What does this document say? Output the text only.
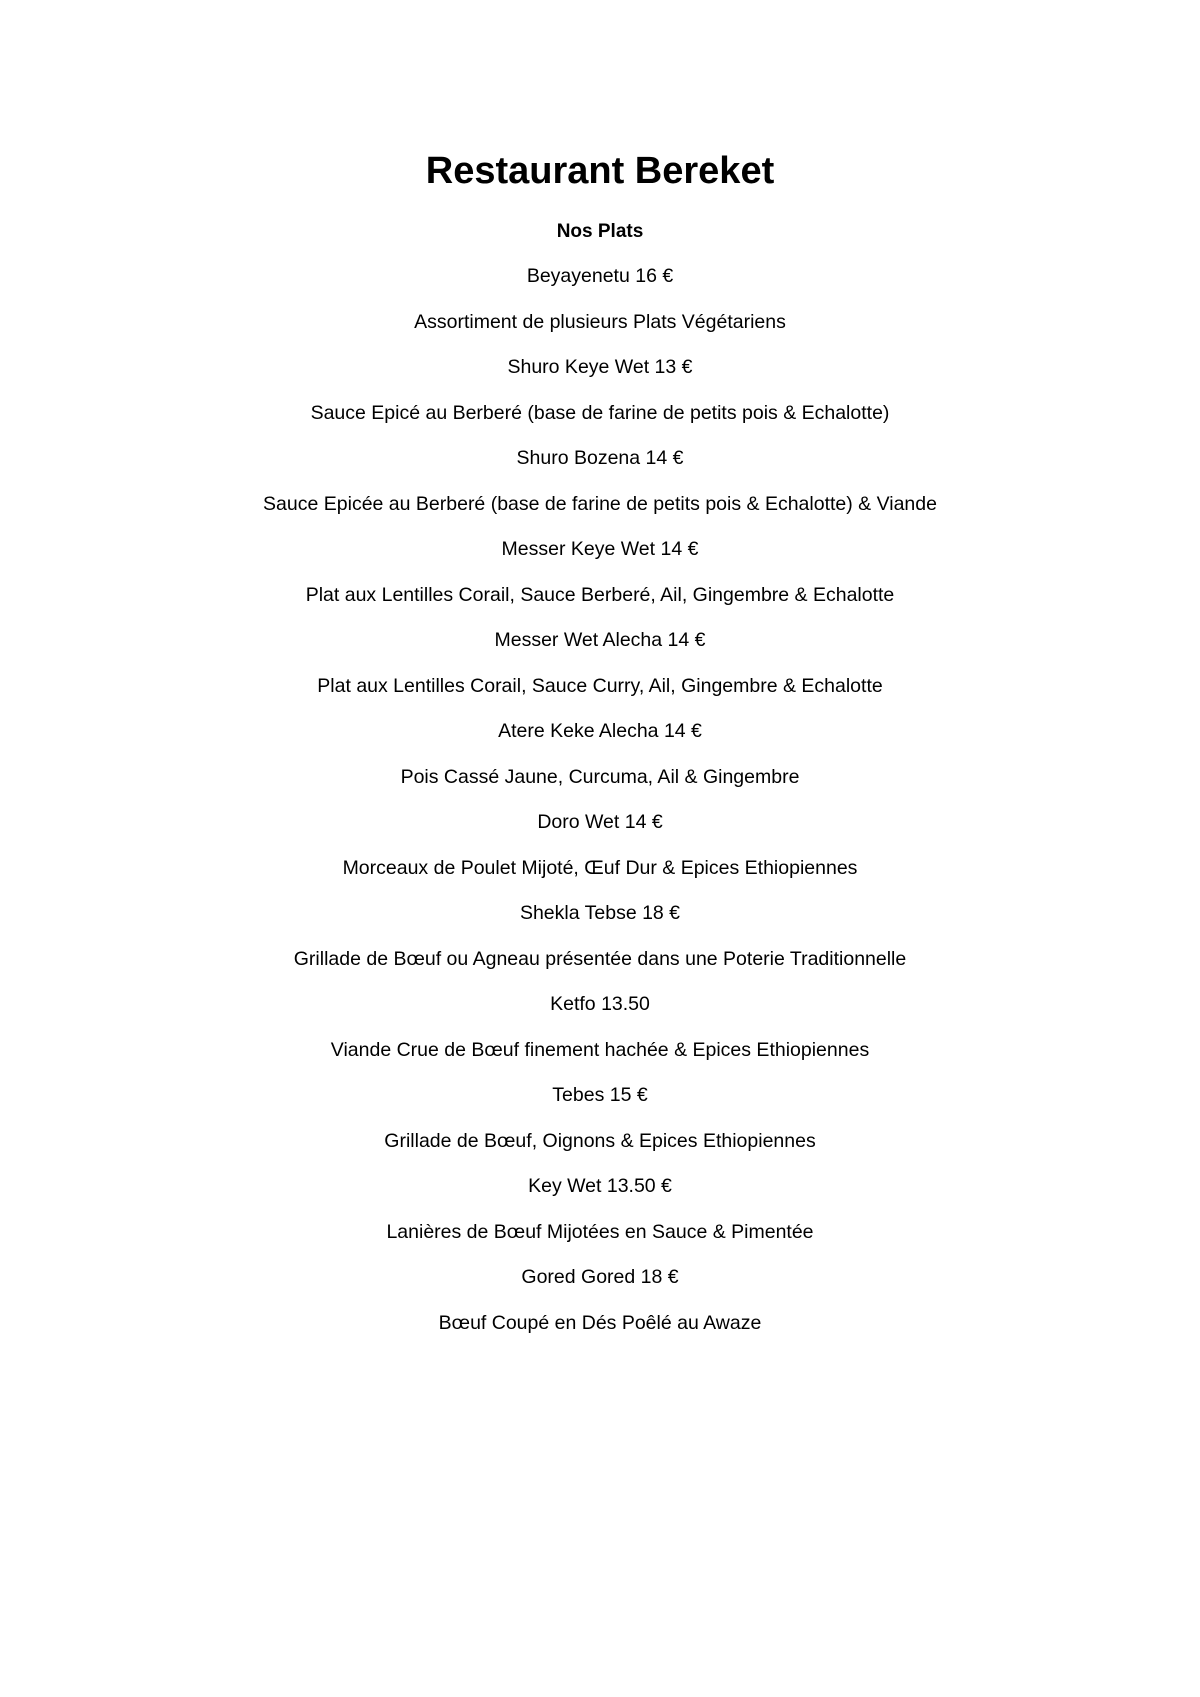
Restaurant Bereket
Nos Plats
Beyayenetu 16 €
Assortiment de plusieurs Plats Végétariens
Shuro Keye Wet 13 €
Sauce Epicé au Berberé (base de farine de petits pois & Echalotte)
Shuro Bozena 14 €
Sauce Epicée au Berberé (base de farine de petits pois & Echalotte) & Viande
Messer Keye Wet 14 €
Plat aux Lentilles Corail, Sauce Berberé, Ail, Gingembre & Echalotte
Messer Wet Alecha 14 €
Plat aux Lentilles Corail, Sauce Curry, Ail, Gingembre & Echalotte
Atere Keke Alecha 14 €
Pois Cassé Jaune, Curcuma, Ail & Gingembre
Doro Wet 14 €
Morceaux de Poulet Mijoté, Œuf Dur & Epices Ethiopiennes
Shekla Tebse 18 €
Grillade de Bœuf ou Agneau présentée dans une Poterie Traditionnelle
Ketfo 13.50
Viande Crue de Bœuf finement hachée & Epices Ethiopiennes
Tebes 15 €
Grillade de Bœuf, Oignons & Epices Ethiopiennes
Key Wet 13.50 €
Lanières de Bœuf Mijotées en Sauce & Pimentée
Gored Gored 18 €
Bœuf Coupé en Dés Poêlé au Awaze
